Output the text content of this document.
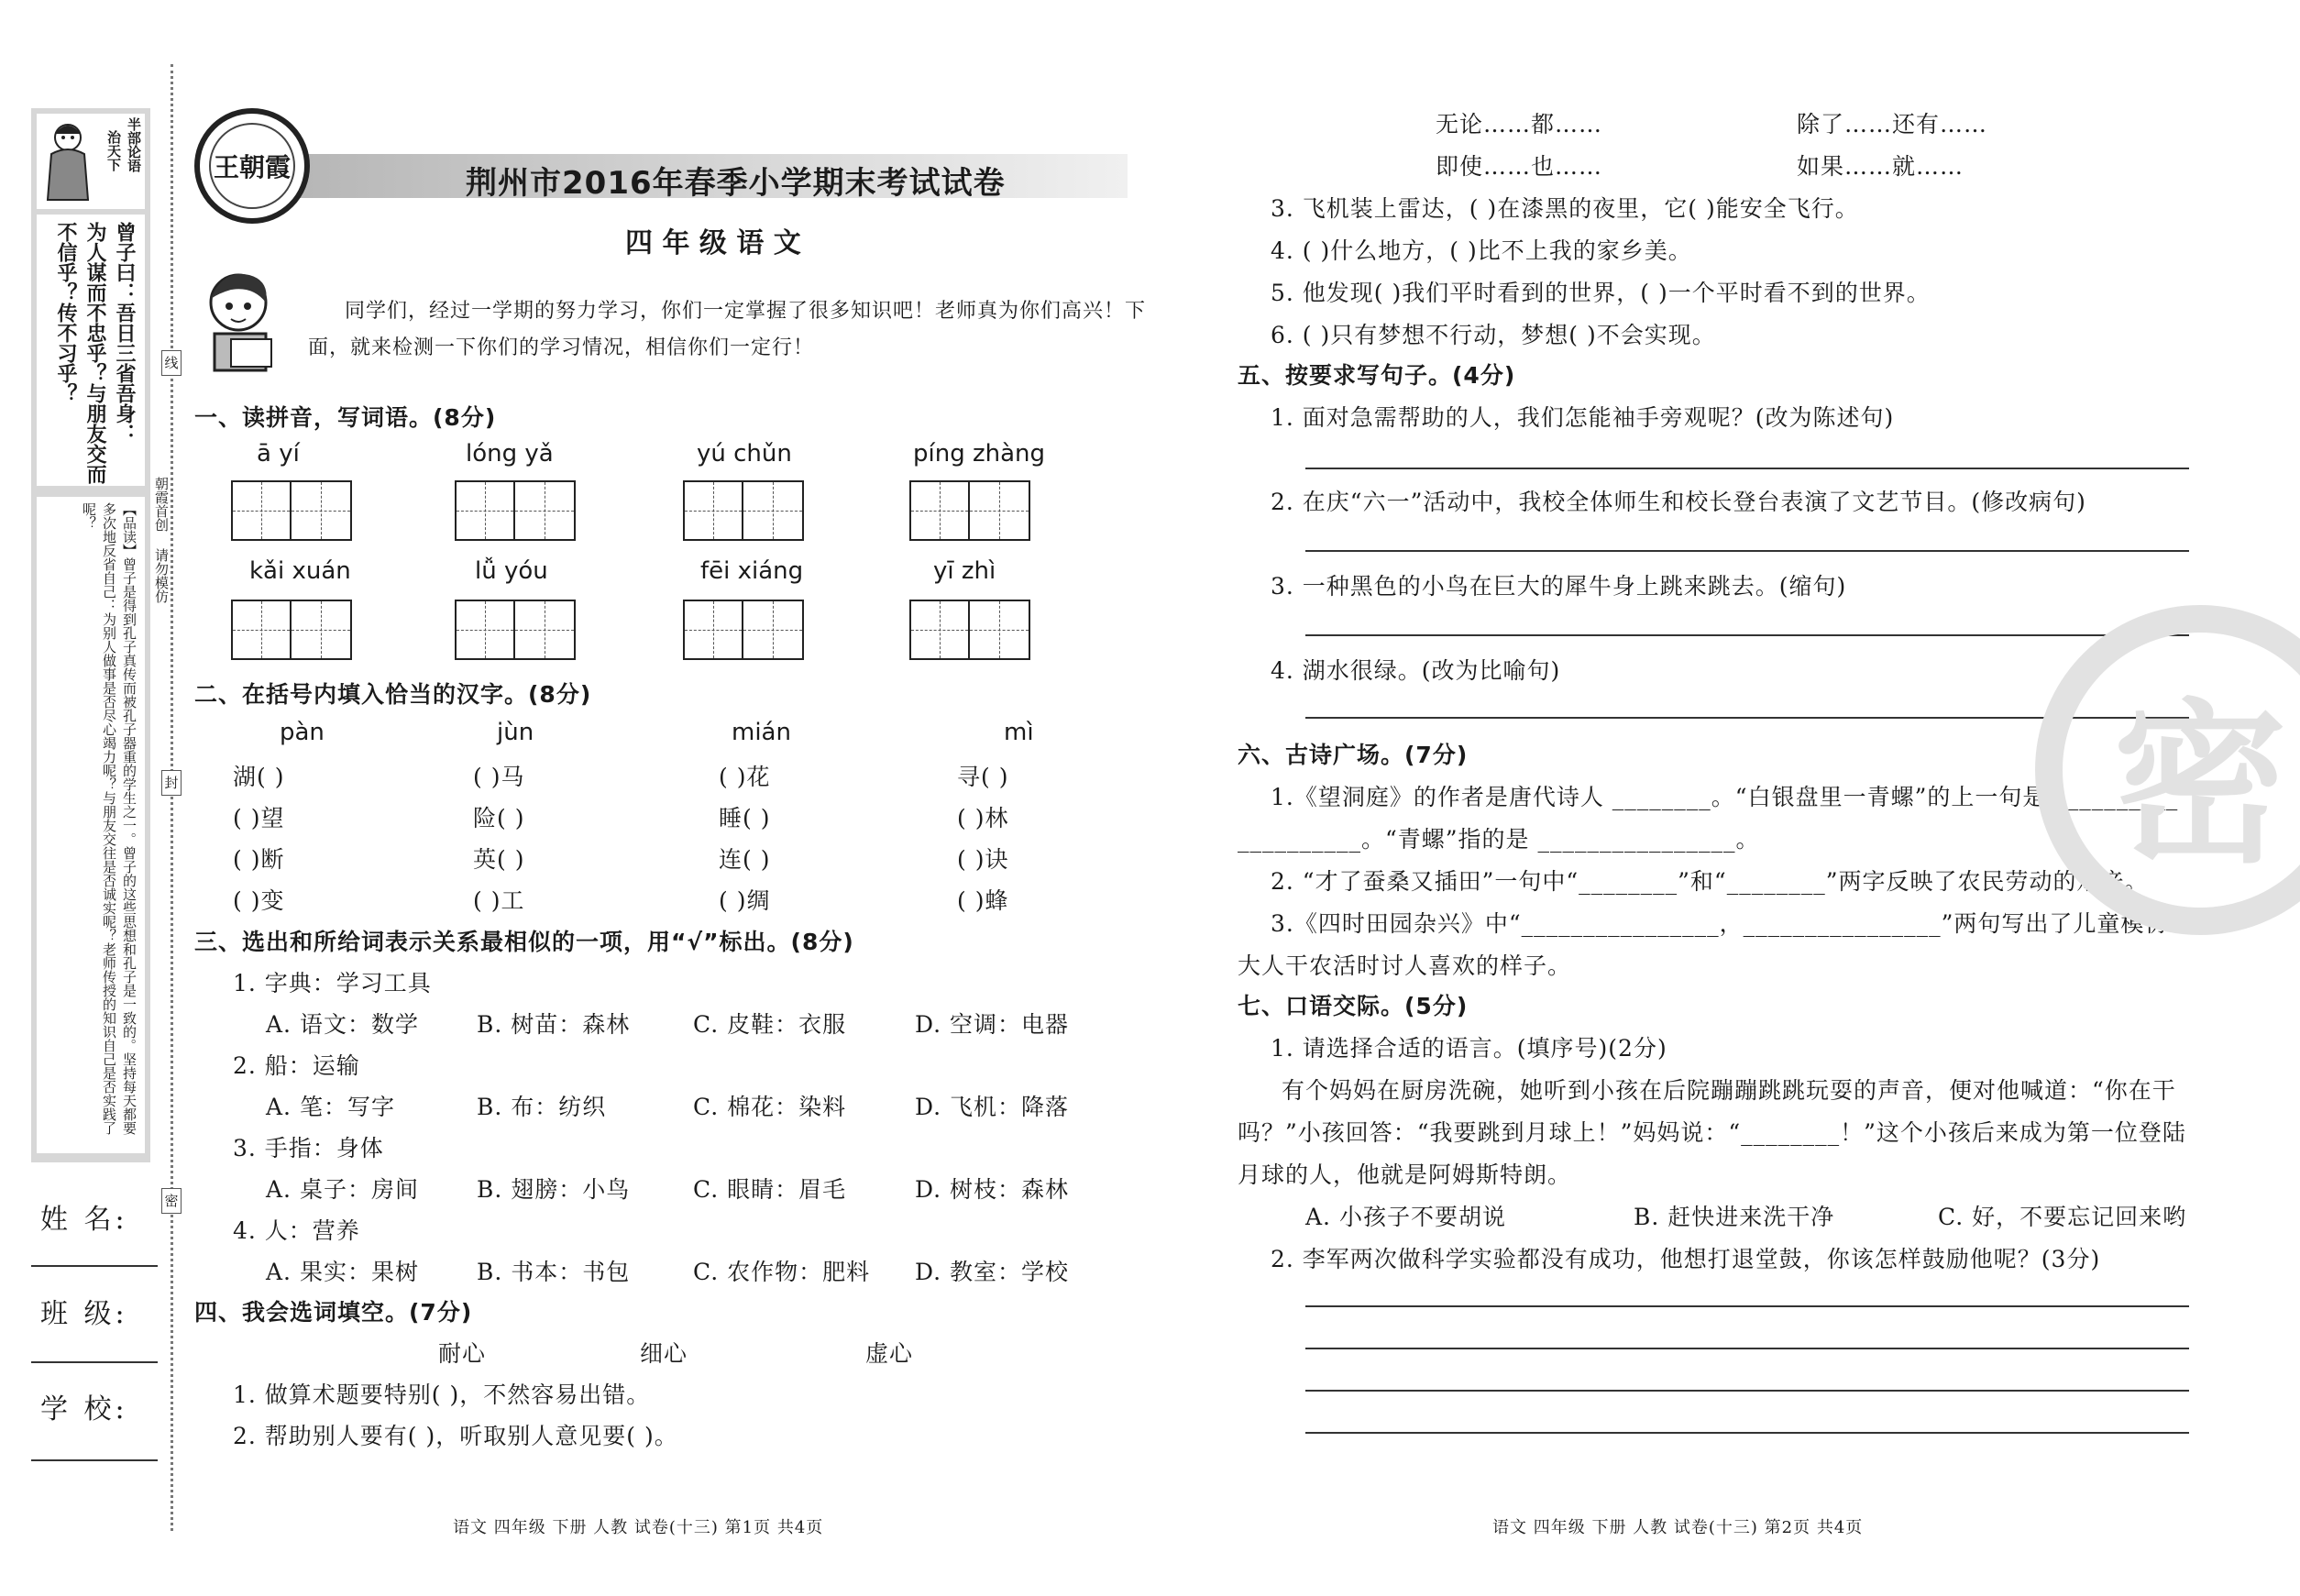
半部论语
治天下
曾子曰：吾日三省吾身：
为人谋而不忠乎？与朋友交而
不信乎？传不习乎？
【品读】曾子是得到孔子真传而被孔子器重的学生之一。曾子的这些思想和孔子是一致的。坚持每天都要多次地反省自己：为别人做事是否尽心竭力呢？与朋友交往是否诚实呢？老师传授的知识自己是否实践了呢？	朝霞首创 请勿模仿
线
封
密
姓 名:
班 级:
学 校:
王朝霞	荆州市2016年春季小学期末考试试卷
四 年 级 语 文
同学们，经过一学期的努力学习，你们一定掌握了很多知识吧！老师真为你们高兴！下
面，就来检测一下你们的学习情况，相信你们一定行！
一、读拼音，写词语。(8分)
ā yí	lóng yǎ	yú chǔn	píng zhàng
kǎi xuán	lǚ yóu	fēi xiáng	yī zhì
二、在括号内填入恰当的汉字。(8分)
pàn	jùn	mián	mì
湖( )	( )马	( )花	寻( )
( )望	险( )	睡( )	( )林
( )断	英( )	连( )	( )诀
( )变	( )工	( )绸	( )蜂
三、选出和所给词表示关系最相似的一项，用“√”标出。(8分)
1. 字典：学习工具
A. 语文：数学	B. 树苗：森林	C. 皮鞋：衣服	D. 空调：电器
2. 船：运输
A. 笔：写字	B. 布：纺织	C. 棉花：染料	D. 飞机：降落
3. 手指：身体
A. 桌子：房间	B. 翅膀：小鸟	C. 眼睛：眉毛	D. 树枝：森林
4. 人：营养
A. 果实：果树	B. 书本：书包	C. 农作物：肥料 D. 教室：学校
四、我会选词填空。(7分)
耐心	细心	虚心
1. 做算术题要特别( )，不然容易出错。
2. 帮助别人要有( )，听取别人意见要( )。
无论……都……	除了……还有……
即使……也……	如果……就……
3. 飞机装上雷达，( )在漆黑的夜里，它( )能安全飞行。
4. ( )什么地方，( )比不上我的家乡美。
5. 他发现( )我们平时看到的世界，( )一个平时看不到的世界。
6. ( )只有梦想不行动，梦想( )不会实现。
五、按要求写句子。(4分)
1. 面对急需帮助的人，我们怎能袖手旁观呢？(改为陈述句)
2. 在庆“六一”活动中，我校全体师生和校长登台表演了文艺节目。(修改病句)
3. 一种黑色的小鸟在巨大的犀牛身上跳来跳去。(缩句)
4. 湖水很绿。(改为比喻句)
六、古诗广场。(7分)
1.《望洞庭》的作者是唐代诗人 ________。“白银盘里一青螺”的上一句是 __________
__________。“青螺”指的是 ________________。
2. “才了蚕桑又插田”一句中“________”和“________”两字反映了农民劳动的艰辛。
3.《四时田园杂兴》中“________________，________________”两句写出了儿童模仿
大人干农活时讨人喜欢的样子。
七、口语交际。(5分)
1. 请选择合适的语言。(填序号)(2分)
有个妈妈在厨房洗碗，她听到小孩在后院蹦蹦跳跳玩耍的声音，便对他喊道：“你在干
吗？”小孩回答：“我要跳到月球上！”妈妈说：“________！”这个小孩后来成为第一位登陆
月球的人，他就是阿姆斯特朗。
A. 小孩子不要胡说	B. 赶快进来洗干净	C. 好，不要忘记回来哟
2. 李军两次做科学实验都没有成功，他想打退堂鼓，你该怎样鼓励他呢？(3分)
密
语文 四年级 下册 人教 试卷(十三) 第1页 共4页	语文 四年级 下册 人教 试卷(十三) 第2页 共4页
